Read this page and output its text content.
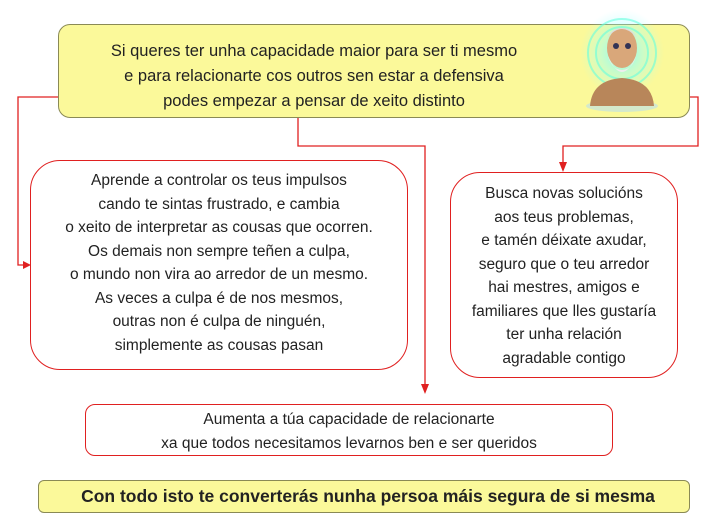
Si queres ter unha capacidade maior para ser ti mesmo
e para relacionarte cos outros sen estar a defensiva
podes empezar a pensar de xeito distinto
Aprende a controlar os teus impulsos
cando te sintas frustrado, e cambia
o xeito de interpretar as cousas que ocorren.
Os demais non sempre teñen a culpa,
o mundo non vira ao arredor de un mesmo.
As veces a culpa é de nos mesmos,
outras non é culpa de ninguén,
simplemente as cousas pasan
Busca novas solucións
aos teus problemas,
e tamén déixate axudar,
seguro que o teu arredor
hai mestres, amigos e
familiares que lles gustaría
ter unha relación
agradable contigo
Aumenta a túa capacidade de relacionarte
xa que todos necesitamos levarnos ben e ser queridos
Con todo isto te converterás nunha persoa máis segura de si mesma
